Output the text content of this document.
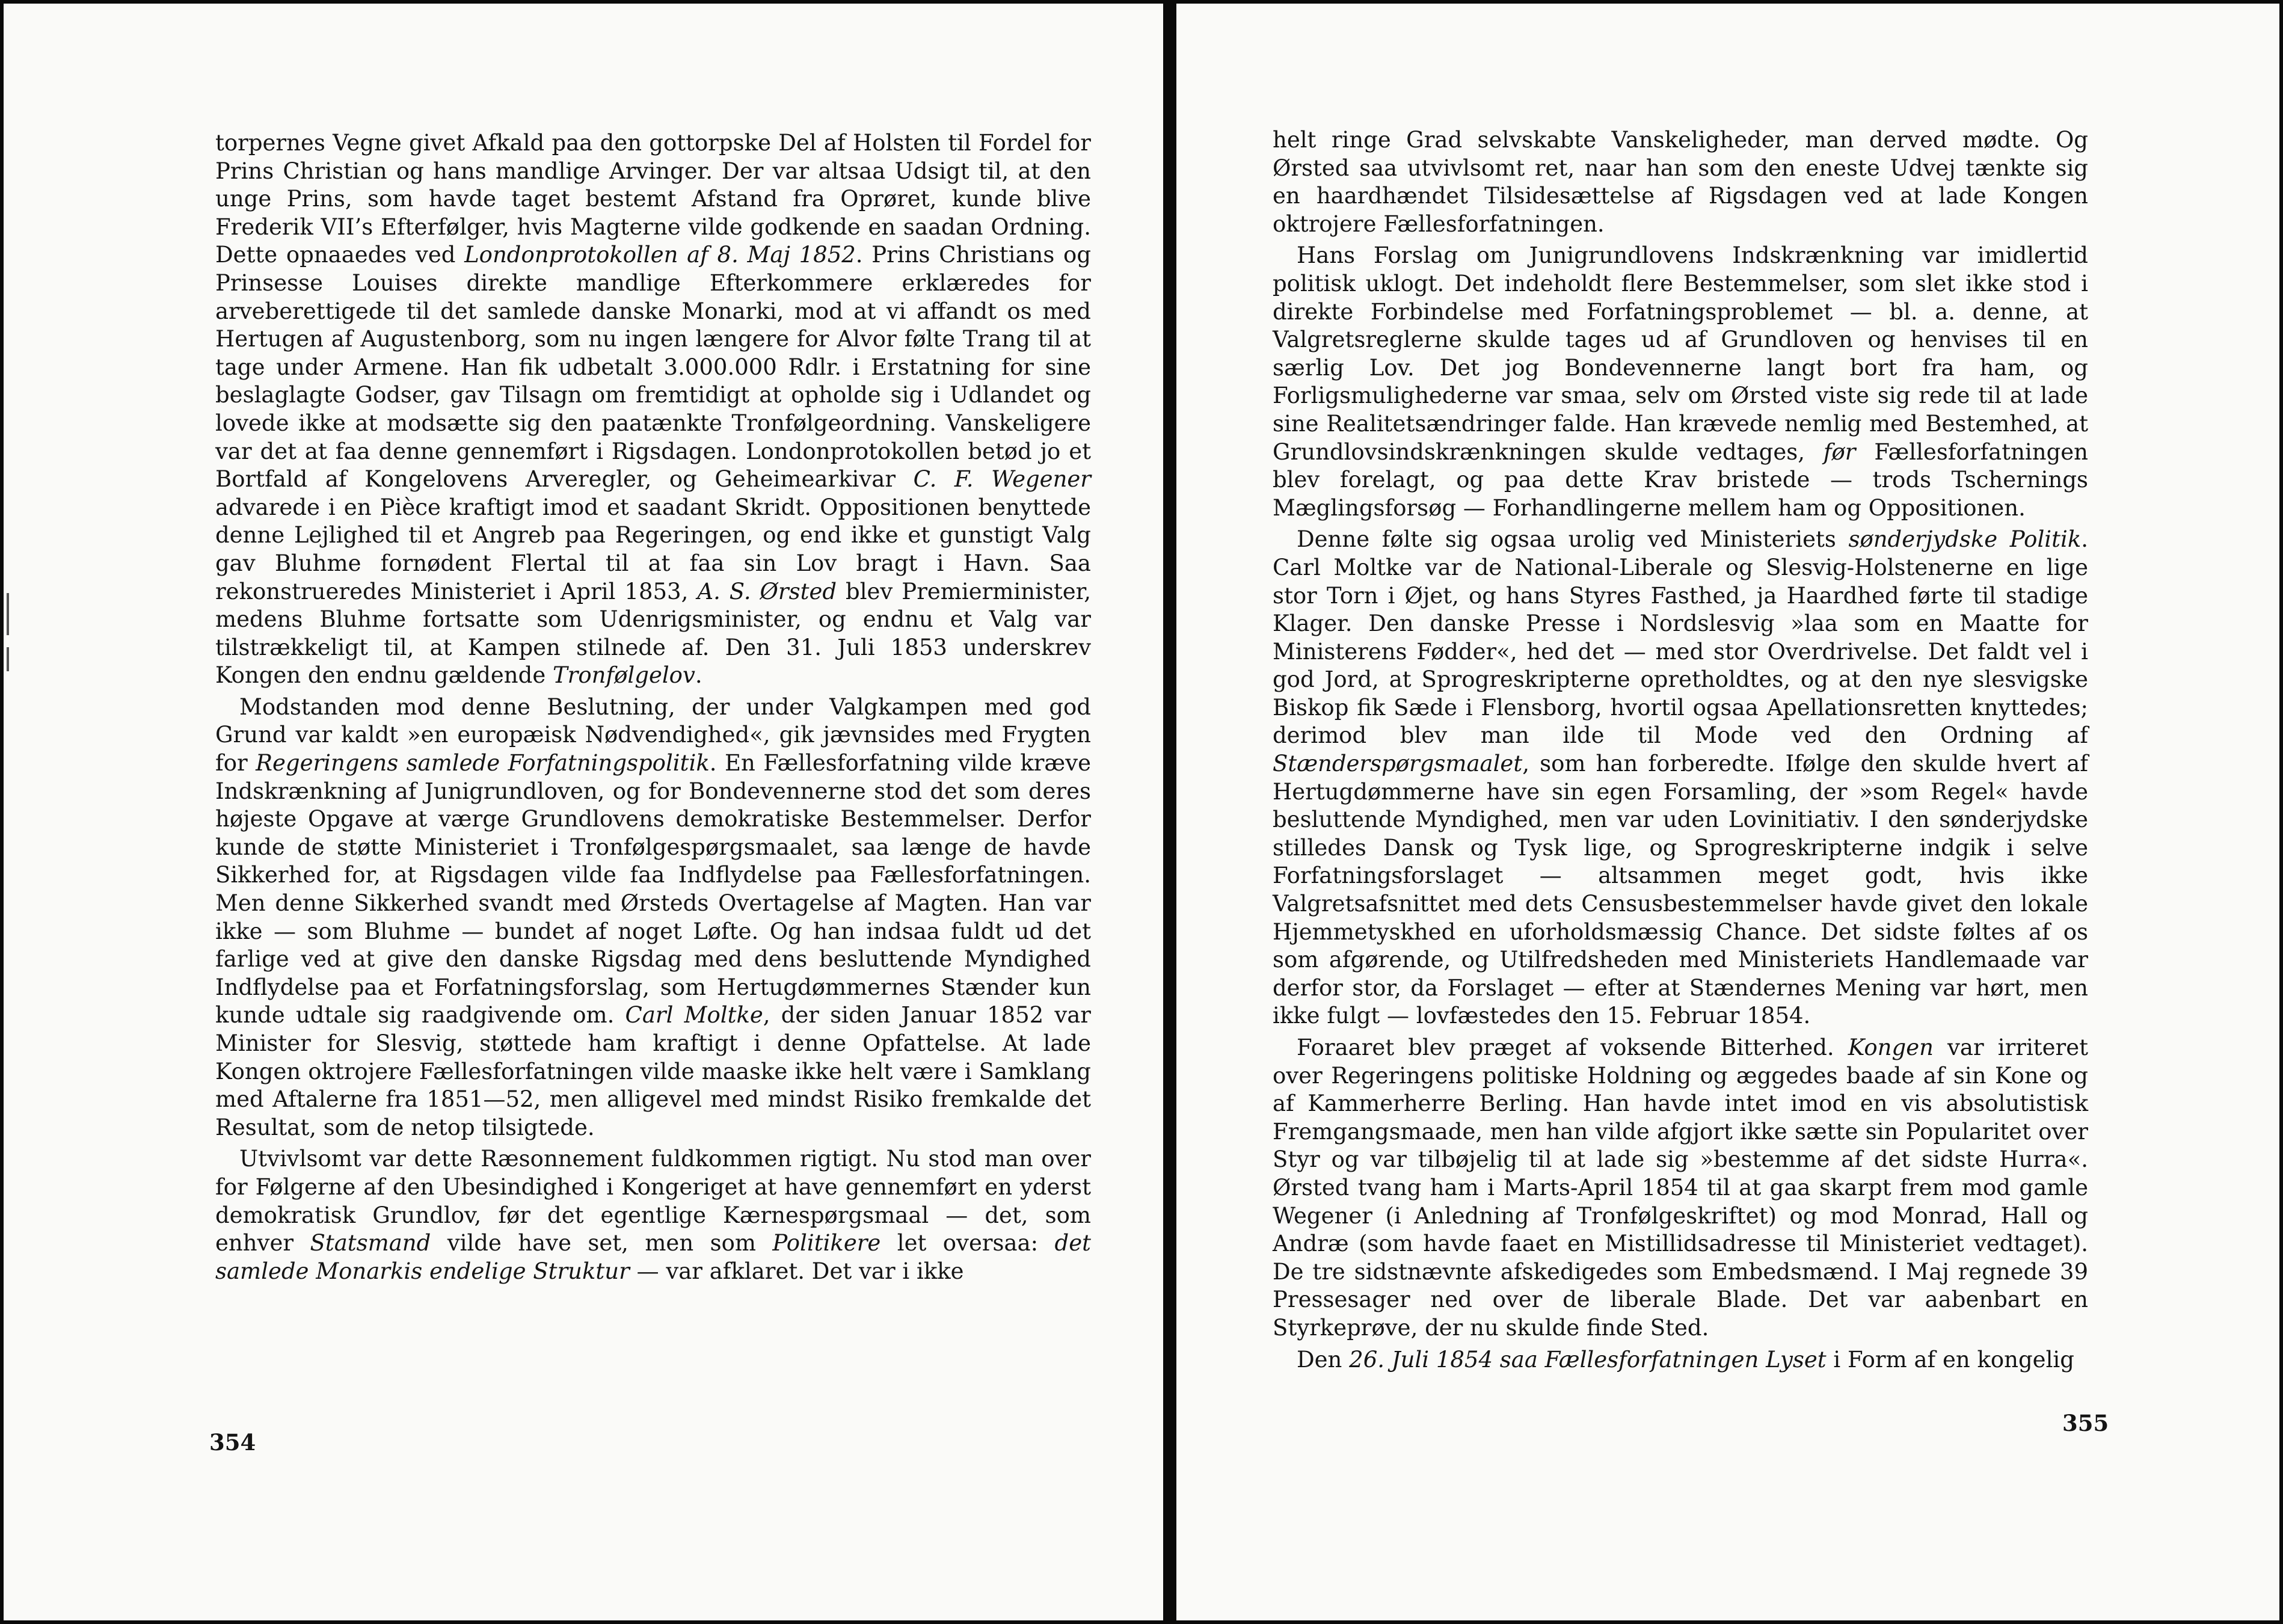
torpernes Vegne givet Afkald paa den gottorpske Del af Holsten til Fordel for Prins Christian og hans mandlige Arvinger. Der var altsaa Udsigt til, at den unge Prins, som havde taget bestemt Afstand fra Oprøret, kunde blive Frederik VII’s Efterfølger, hvis Magterne vilde godkende en saadan Ordning. Dette opnaaedes ved Londonprotokollen af 8. Maj 1852. Prins Christians og Prinsesse Louises direkte mandlige Efterkommere erklæredes for arveberettigede til det samlede danske Monarki, mod at vi affandt os med Hertugen af Augustenborg, som nu ingen længere for Alvor følte Trang til at tage under Armene. Han fik udbetalt 3.000.000 Rdlr. i Erstatning for sine beslaglagte Godser, gav Tilsagn om fremtidigt at opholde sig i Udlandet og lovede ikke at modsætte sig den paatænkte Tronfølgeordning. Vanskeligere var det at faa denne gennemført i Rigsdagen. Londonprotokollen betød jo et Bortfald af Kongelovens Arveregler, og Geheimearkivar C. F. Wegener advarede i en Pièce kraftigt imod et saadant Skridt. Oppositionen benyttede denne Lejlighed til et Angreb paa Regeringen, og end ikke et gunstigt Valg gav Bluhme fornødent Flertal til at faa sin Lov bragt i Havn. Saa rekonstrueredes Ministeriet i April 1853, A. S. Ørsted blev Premierminister, medens Bluhme fortsatte som Udenrigsminister, og endnu et Valg var tilstrækkeligt til, at Kampen stilnede af. Den 31. Juli 1853 underskrev Kongen den endnu gældende Tronfølgelov.

Modstanden mod denne Beslutning, der under Valgkampen med god Grund var kaldt »en europæisk Nødvendighed«, gik jævnsides med Frygten for Regeringens samlede Forfatningspolitik. En Fællesforfatning vilde kræve Indskrænkning af Junigrundloven, og for Bondevennerne stod det som deres højeste Opgave at værge Grundlovens demokratiske Bestemmelser. Derfor kunde de støtte Ministeriet i Tronfølgespørgsmaalet, saa længe de havde Sikkerhed for, at Rigsdagen vilde faa Indflydelse paa Fællesforfatningen. Men denne Sikkerhed svandt med Ørsteds Overtagelse af Magten. Han var ikke — som Bluhme — bundet af noget Løfte. Og han indsaa fuldt ud det farlige ved at give den danske Rigsdag med dens besluttende Myndighed Indflydelse paa et Forfatningsforslag, som Hertugdømmernes Stænder kun kunde udtale sig raadgivende om. Carl Moltke, der siden Januar 1852 var Minister for Slesvig, støttede ham kraftigt i denne Opfattelse. At lade Kongen oktrojere Fællesforfatningen vilde maaske ikke helt være i Samklang med Aftalerne fra 1851—52, men alligevel med mindst Risiko fremkalde det Resultat, som de netop tilsigtede.

Utvivlsomt var dette Ræsonnement fuldkommen rigtigt. Nu stod man over for Følgerne af den Ubesindighed i Kongeriget at have gennemført en yderst demokratisk Grundlov, før det egentlige Kærnespørgsmaal — det, som enhver Statsmand vilde have set, men som Politikere let oversaa: det samlede Monarkis endelige Struktur — var afklaret. Det var i ikke

354

helt ringe Grad selvskabte Vanskeligheder, man derved mødte. Og Ørsted saa utvivlsomt ret, naar han som den eneste Udvej tænkte sig en haardhændet Tilsidesættelse af Rigsdagen ved at lade Kongen oktrojere Fællesforfatningen.

Hans Forslag om Junigrundlovens Indskrænkning var imidlertid politisk uklogt. Det indeholdt flere Bestemmelser, som slet ikke stod i direkte Forbindelse med Forfatningsproblemet — bl. a. denne, at Valgretsreglerne skulde tages ud af Grundloven og henvises til en særlig Lov. Det jog Bondevennerne langt bort fra ham, og Forligsmulighederne var smaa, selv om Ørsted viste sig rede til at lade sine Realitetsændringer falde. Han krævede nemlig med Bestemhed, at Grundlovsindskrænkningen skulde vedtages, før Fællesforfatningen blev forelagt, og paa dette Krav bristede — trods Tschernings Mæglingsforsøg — Forhandlingerne mellem ham og Oppositionen.

Denne følte sig ogsaa urolig ved Ministeriets sønderjydske Politik. Carl Moltke var de National-Liberale og Slesvig-Holstenerne en lige stor Torn i Øjet, og hans Styres Fasthed, ja Haardhed førte til stadige Klager. Den danske Presse i Nordslesvig »laa som en Maatte for Ministerens Fødder«, hed det — med stor Overdrivelse. Det faldt vel i god Jord, at Sprogreskripterne opretholdtes, og at den nye slesvigske Biskop fik Sæde i Flensborg, hvortil ogsaa Apellationsretten knyttedes; derimod blev man ilde til Mode ved den Ordning af Stænderspørgsmaalet, som han forberedte. Ifølge den skulde hvert af Hertugdømmerne have sin egen Forsamling, der »som Regel« havde besluttende Myndighed, men var uden Lovinitiativ. I den sønderjydske stilledes Dansk og Tysk lige, og Sprogreskripterne indgik i selve Forfatningsforslaget — altsammen meget godt, hvis ikke Valgretsafsnittet med dets Censusbestemmelser havde givet den lokale Hjemmetyskhed en uforholdsmæssig Chance. Det sidste føltes af os som afgørende, og Utilfredsheden med Ministeriets Handlemaade var derfor stor, da Forslaget — efter at Stændernes Mening var hørt, men ikke fulgt — lovfæstedes den 15. Februar 1854.

Foraaret blev præget af voksende Bitterhed. Kongen var irriteret over Regeringens politiske Holdning og æggedes baade af sin Kone og af Kammerherre Berling. Han havde intet imod en vis absolutistisk Fremgangsmaade, men han vilde afgjort ikke sætte sin Popularitet over Styr og var tilbøjelig til at lade sig »bestemme af det sidste Hurra«. Ørsted tvang ham i Marts-April 1854 til at gaa skarpt frem mod gamle Wegener (i Anledning af Tronfølgeskriftet) og mod Monrad, Hall og Andræ (som havde faaet en Mistillidsadresse til Ministeriet vedtaget). De tre sidstnævnte afskedigedes som Embedsmænd. I Maj regnede 39 Pressesager ned over de liberale Blade. Det var aabenbart en Styrkeprøve, der nu skulde finde Sted.

Den 26. Juli 1854 saa Fællesforfatningen Lyset i Form af en kongelig

355
